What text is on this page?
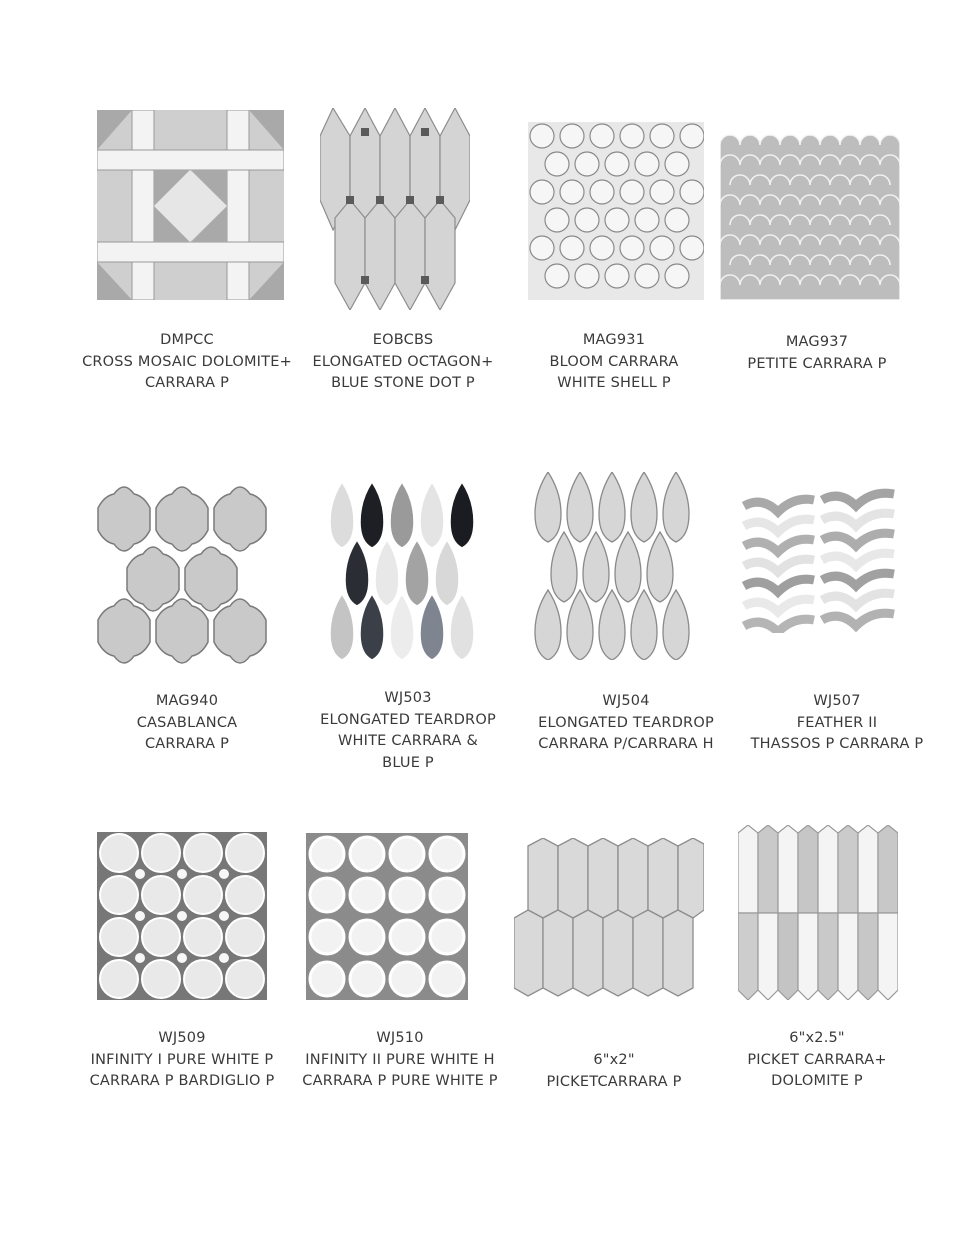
DMPCC
CROSS MOSAIC DOLOMITE+
CARRARA P
EOBCBS
ELONGATED OCTAGON+
BLUE STONE DOT P
MAG931
BLOOM CARRARA
WHITE SHELL P
MAG937
PETITE CARRARA P
MAG940
CASABLANCA
CARRARA P
WJ503
ELONGATED TEARDROP
WHITE CARRARA &
BLUE P
WJ504
ELONGATED TEARDROP
CARRARA P/CARRARA H
WJ507
FEATHER II
THASSOS P CARRARA P
WJ509
INFINITY I PURE WHITE P
CARRARA P BARDIGLIO P
WJ510
INFINITY II PURE WHITE H
CARRARA P PURE WHITE P
6"x2"
PICKETCARRARA P
6"x2.5"
PICKET CARRARA+
DOLOMITE P
